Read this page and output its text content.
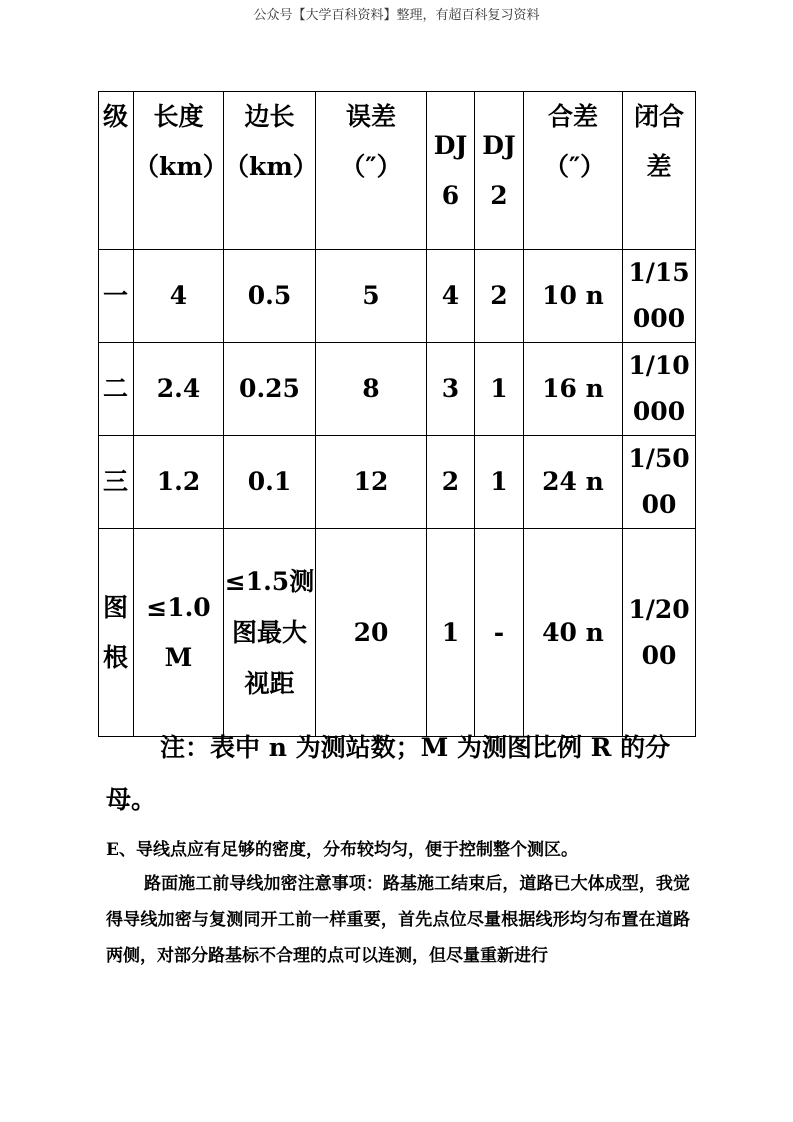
公众号【大学百科资料】整理，有超百科复习资料
级	长度（km）	边长（km）	误差（″）	DJ6	DJ2	合差（″）	闭合差

一	4	0.5	5	4	2	10 n	1/15000

二	2.4	0.25	8	3	1	16 n	1/10000

三	1.2	0.1	12	2	1	24 n	1/5000

图根	≤1.0M	≤1.5测图最大视距	20	1	-	40 n	1/2000
注：表中 n 为测站数；M 为测图比例 R 的分母。
E、导线点应有足够的密度，分布较均匀，便于控制整个测区。
路面施工前导线加密注意事项：路基施工结束后，道路已大体成型，我觉得导线加密与复测同开工前一样重要，首先点位尽量根据线形均匀布置在道路两侧，对部分路基标不合理的点可以连测，但尽量重新进行
